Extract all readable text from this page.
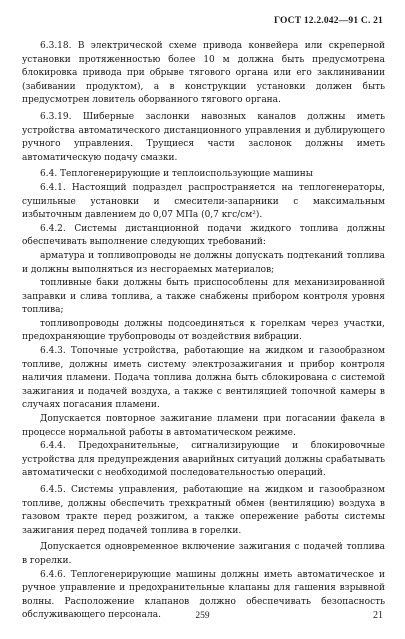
ГОСТ 12.2.042—91 С. 21

6.3.18. В электрической схеме привода конвейера или скреперной установки протяженностью более 10 м должна быть предусмотрена блокировка привода при обрыве тягового органа или его заклинивании (забивании продуктом), а в конструкции установки должен быть предусмотрен ловитель оборванного тягового органа.

6.3.19. Шиберные заслонки навозных каналов должны иметь устройства автоматического дистанционного управления и дублирующего ручного управления. Трущиеся части заслонок должны иметь автоматическую подачу смазки.

6.4. Теплогенерирующие и теплоиспользующие машины

6.4.1. Настоящий подраздел распространяется на теплогенераторы, сушильные установки и смесители-запарники с максимальным избыточным давлением до 0,07 МПа (0,7 кгс/см²).

6.4.2. Системы дистанционной подачи жидкого топлива должны обеспечивать выполнение следующих требований:

арматура и топливопроводы не должны допускать подтеканий топлива и должны выполняться из несгораемых материалов;

топливные баки должны быть приспособлены для механизированной заправки и слива топлива, а также снабжены прибором контроля уровня топлива;

топливопроводы должны подсоединяться к горелкам через участки, предохраняющие трубопроводы от воздействия вибрации.

6.4.3. Топочные устройства, работающие на жидком и газообразном топливе, должны иметь систему электрозажигания и прибор контроля наличия пламени. Подача топлива должна быть сблокирована с системой зажигания и подачей воздуха, а также с вентиляцией топочной камеры в случаях погасания пламени.

Допускается повторное зажигание пламени при погасании факела в процессе нормальной работы в автоматическом режиме.

6.4.4. Предохранительные, сигнализирующие и блокировочные устройства для предупреждения аварийных ситуаций должны срабатывать автоматически с необходимой последовательностью операций.

6.4.5. Системы управления, работающие на жидком и газообразном топливе, должны обеспечить трехкратный обмен (вентиляцию) воздуха в газовом тракте перед розжигом, а также опережение работы системы зажигания перед подачей топлива в горелки.

Допускается одновременное включение зажигания с подачей топлива в горелки.

6.4.6. Теплогенерирующие машины должны иметь автоматическое и ручное управление и предохранительные клапаны для гашения взрывной волны. Расположение клапанов должно обеспечивать безопасность обслуживающего персонала.	259	21
